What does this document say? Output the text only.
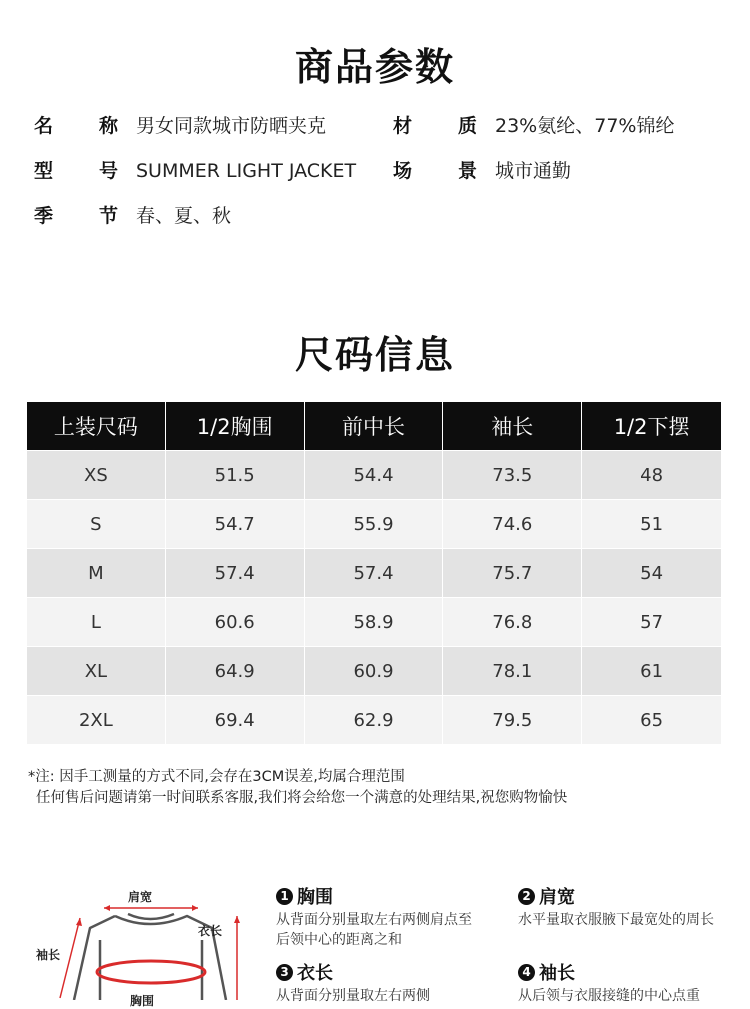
商品参数
名 称 男女同款城市防晒夹克	材 质 23%氨纶、77%锦纶
型 号 SUMMER LIGHT JACKET 场 景 城市通勤
季 节 春、夏、秋
尺码信息
上装尺码	1/2胸围	前中长	袖长	1/2下摆
XS	51.5	54.4	73.5	48
S	54.7	55.9	74.6	51
M	57.4	57.4	75.7	54
L	60.6	58.9	76.8	57
XL	64.9	60.9	78.1	61
2XL	69.4	62.9	79.5	65
*注: 因手工测量的方式不同,会存在3CM误差,均属合理范围
任何售后问题请第一时间联系客服,我们将会给您一个满意的处理结果,祝您购物愉快
肩宽
衣长
袖长
胸围
1 胸围
从背面分别量取左右两侧肩点至后领中心的距离之和
2 肩宽
水平量取衣服腋下最宽处的周长
3 衣长
从背面分别量取左右两侧
4 袖长
从后领与衣服接缝的中心点重
